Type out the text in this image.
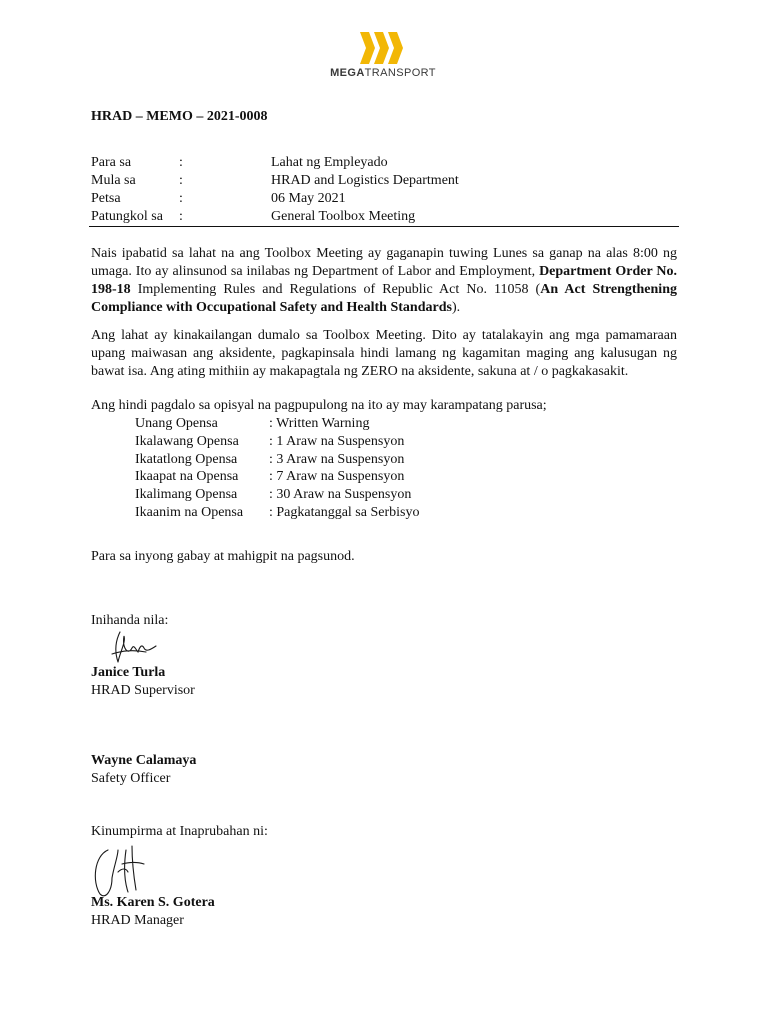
MEGATRANSPORT
HRAD – MEMO – 2021-0008
Para sa	:	Lahat ng Empleyado
Mula sa	:	HRAD and Logistics Department
Petsa	:	06 May 2021
Patungkol sa :	General Toolbox Meeting
Nais ipabatid sa lahat na ang Toolbox Meeting ay gaganapin tuwing Lunes sa ganap na alas 8:00 ng umaga. Ito ay alinsunod sa inilabas ng Department of Labor and Employment, Department Order No. 198-18 Implementing Rules and Regulations of Republic Act No. 11058 (An Act Strengthening Compliance with Occupational Safety and Health Standards).
Ang lahat ay kinakailangan dumalo sa Toolbox Meeting. Dito ay tatalakayin ang mga pamamaraan upang maiwasan ang aksidente, pagkapinsala hindi lamang ng kagamitan maging ang kalusugan ng bawat isa. Ang ating mithiin ay makapagtala ng ZERO na aksidente, sakuna at / o pagkakasakit.
Ang hindi pagdalo sa opisyal na pagpupulong na ito ay may karampatang parusa;
Unang Opensa	: Written Warning
Ikalawang Opensa : 1 Araw na Suspensyon
Ikatatlong Opensa : 3 Araw na Suspensyon
Ikaapat na Opensa : 7 Araw na Suspensyon
Ikalimang Opensa : 30 Araw na Suspensyon
Ikaanim na Opensa : Pagkatanggal sa Serbisyo
Para sa inyong gabay at mahigpit na pagsunod.
Inihanda nila:
Janice Turla
HRAD Supervisor
Wayne Calamaya
Safety Officer
Kinumpirma at Inaprubahan ni:
Ms. Karen S. Gotera
HRAD Manager
